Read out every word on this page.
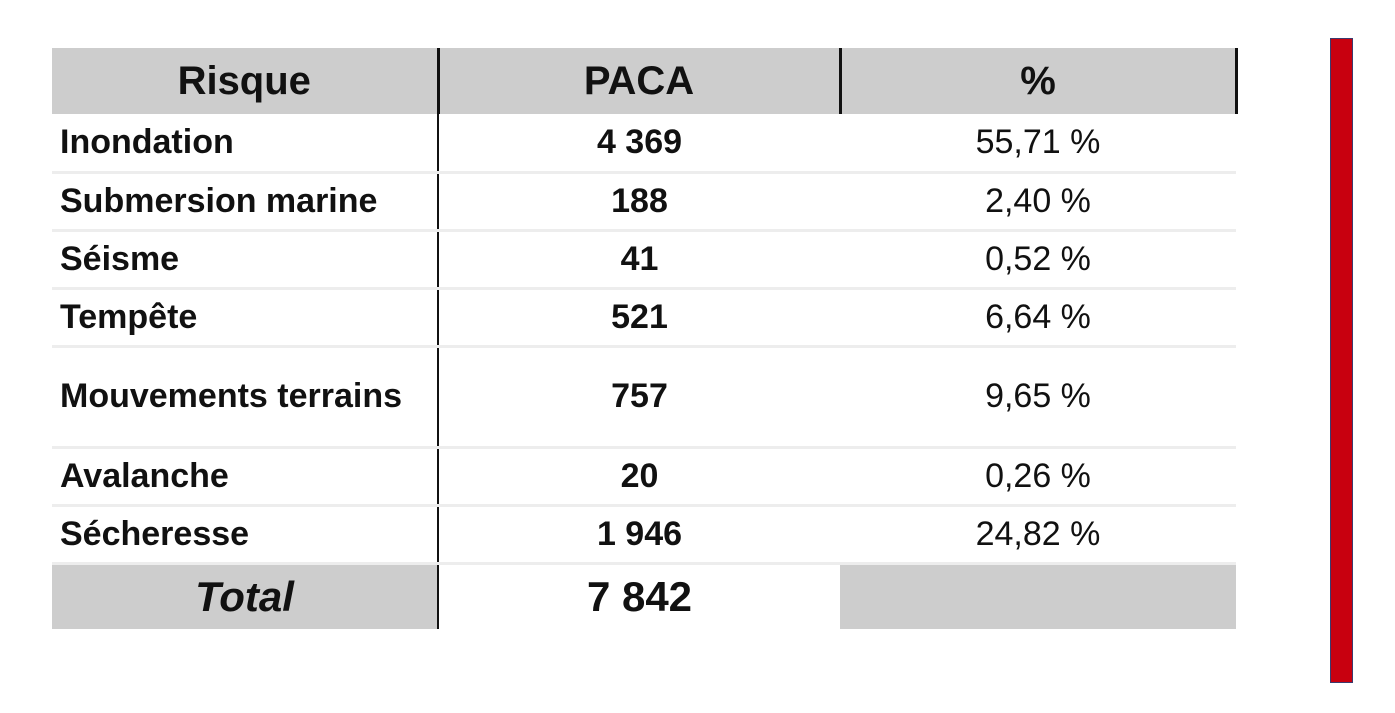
Risque	PACA	%
Inondation	4 369	55,71 %
Submersion marine	188	2,40 %
Séisme	41	0,52 %
Tempête	521	6,64 %
Mouvements terrains	757	9,65 %
Avalanche	20	0,26 %
Sécheresse	1 946	24,82 %
Total	7 842	
